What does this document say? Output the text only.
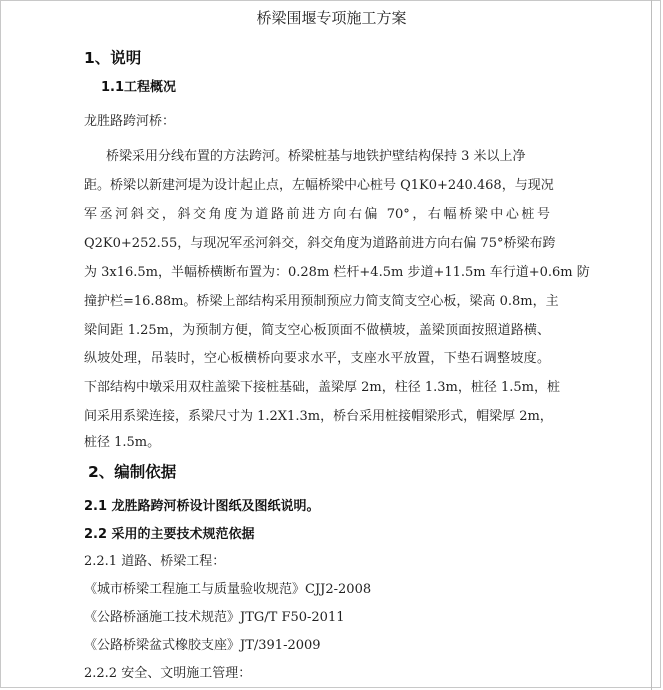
桥梁围堰专项施工方案
1、说明
1.1工程概况
龙胜路跨河桥：
桥梁采用分线布置的方法跨河。桥梁桩基与地铁护壁结构保持 3 米以上净
距。桥梁以新建河堤为设计起止点，左幅桥梁中心桩号 Q1K0+240.468，与现况
军丞河斜交，斜交角度为道路前进方向右偏 70°，右幅桥梁中心桩号
Q2K0+252.55，与现况军丞河斜交，斜交角度为道路前进方向右偏 75°桥梁布跨
为 3x16.5m，半幅桥横断布置为：0.28m 栏杆+4.5m 步道+11.5m 车行道+0.6m 防
撞护栏=16.88m。桥梁上部结构采用预制预应力简支简支空心板，梁高 0.8m，主
梁间距 1.25m，为预制方便，简支空心板顶面不做横坡，盖梁顶面按照道路横、
纵坡处理，吊装时，空心板横桥向要求水平，支座水平放置，下垫石调整坡度。
下部结构中墩采用双柱盖梁下接桩基础，盖梁厚 2m，柱径 1.3m，桩径 1.5m，桩
间采用系梁连接，系梁尺寸为 1.2X1.3m，桥台采用桩接帽梁形式，帽梁厚 2m，
桩径 1.5m。
2、编制依据
2.1 龙胜路跨河桥设计图纸及图纸说明。
2.2 采用的主要技术规范依据
2.2.1 道路、桥梁工程：
《城市桥梁工程施工与质量验收规范》CJJ2-2008
《公路桥涵施工技术规范》JTG/T F50-2011
《公路桥梁盆式橡胶支座》JT/391-2009
2.2.2 安全、文明施工管理：
